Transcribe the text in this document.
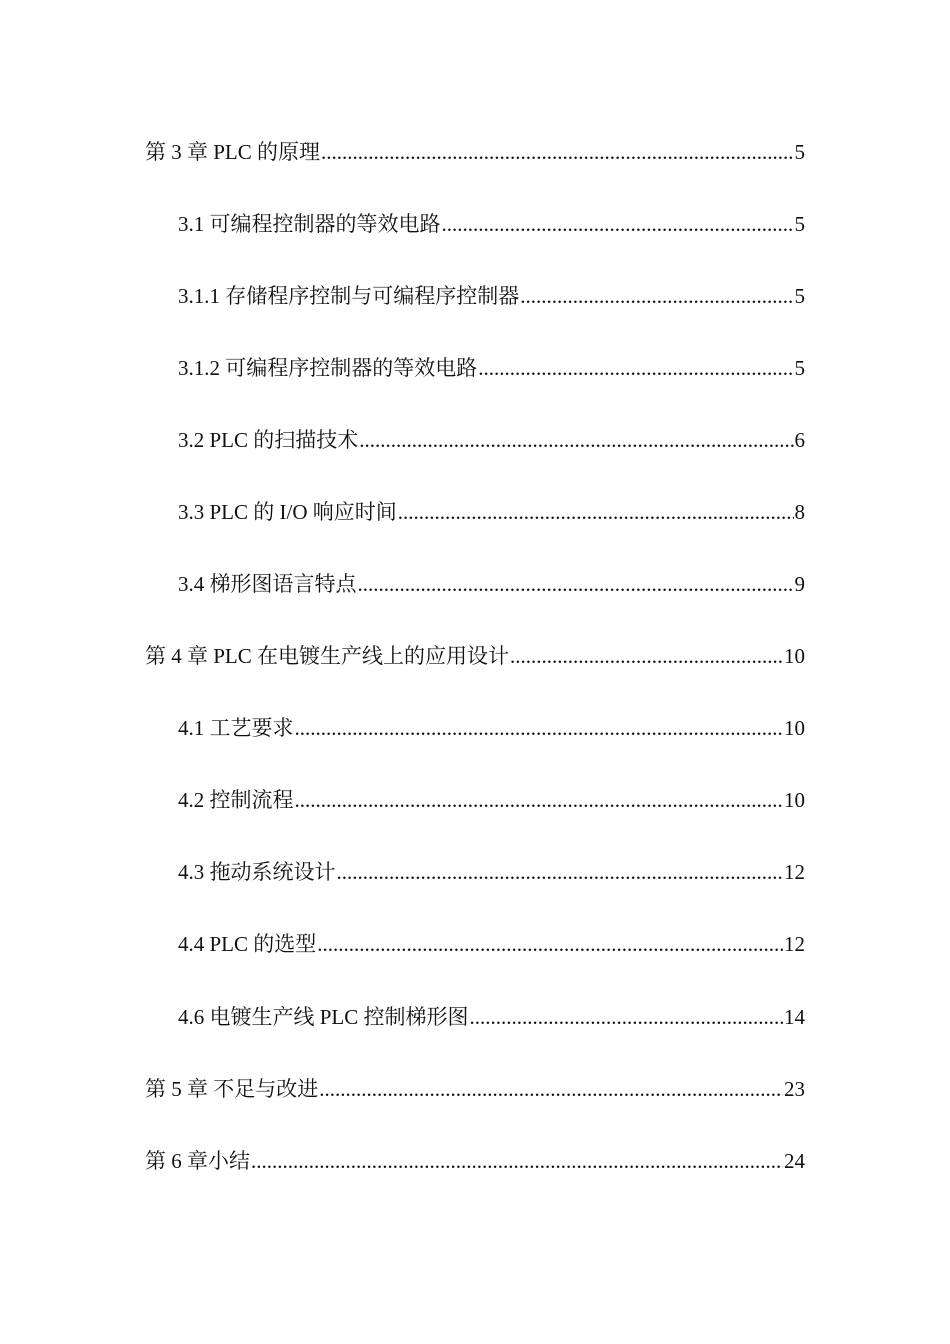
第 3 章 PLC 的原理 .....	5
3.1 可编程控制器的等效电路 .....	5
3.1.1 存储程序控制与可编程序控制器 .....	5
3.1.2 可编程序控制器的等效电路 .....	5
3.2 PLC 的扫描技术 .....	6
3.3 PLC 的 I/O 响应时间 .....	8
3.4 梯形图语言特点 .....	9
第 4 章 PLC 在电镀生产线上的应用设计 .....	10
4.1 工艺要求 .....	10
4.2 控制流程 .....	10
4.3 拖动系统设计 .....	12
4.4 PLC 的选型 .....	12
4.6 电镀生产线 PLC 控制梯形图 .....	14
第 5 章 不足与改进 .....	23
第 6 章小结 .....	24
